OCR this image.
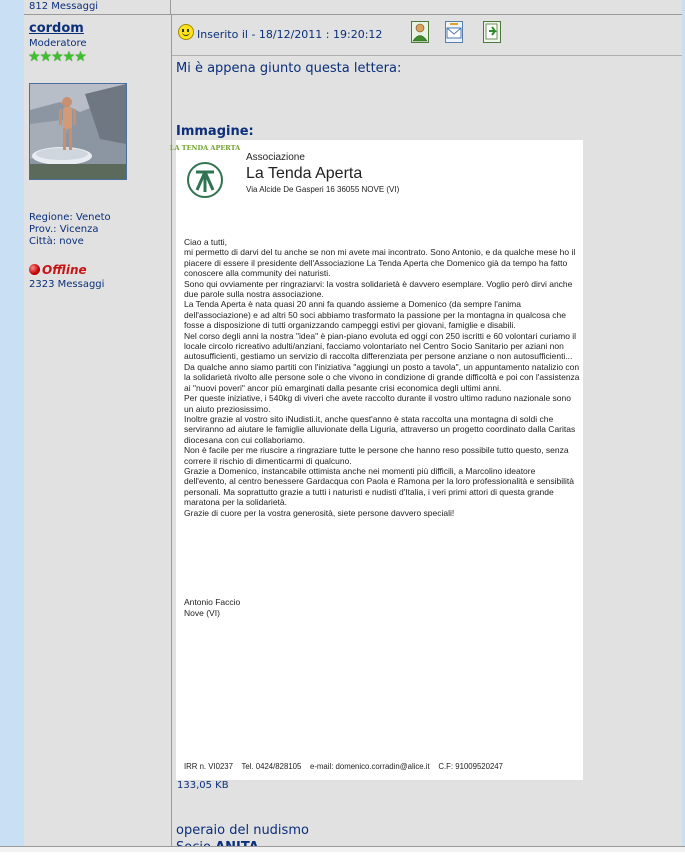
812 Messaggi
cordom
Moderatore
★★★★★
Regione: Veneto
Prov.: Vicenza
Città: nove
Offline
2323 Messaggi
Inserito il - 18/12/2011 : 19:20:12
Mi è appena giunto questa lettera:
Immagine:
LA TENDA APERTA
Associazione
La Tenda Aperta
Via Alcide De Gasperi 16 36055 NOVE (VI)
Ciao a tutti,
mi permetto di darvi del tu anche se non mi avete mai incontrato. Sono Antonio, e da qualche mese ho il piacere di essere il presidente dell'Associazione La Tenda Aperta che Domenico già da tempo ha fatto conoscere alla community dei naturisti.
Sono qui ovviamente per ringraziarvi: la vostra solidarietà è davvero esemplare. Voglio però dirvi anche due parole sulla nostra associazione.
La Tenda Aperta è nata quasi 20 anni fa quando assieme a Domenico (da sempre l'anima dell'associazione) e ad altri 50 soci abbiamo trasformato la passione per la montagna in qualcosa che fosse a disposizione di tutti organizzando campeggi estivi per giovani, famiglie e disabili.
Nel corso degli anni la nostra "idea" è pian-piano evoluta ed oggi con 250 iscritti e 60 volontari curiamo il locale circolo ricreativo adulti/anziani, facciamo volontariato nel Centro Socio Sanitario per aziani non autosufficienti, gestiamo un servizio di raccolta differenziata per persone anziane o non autosufficienti... Da qualche anno siamo partiti con l'iniziativa "aggiungi un posto a tavola", un appuntamento natalizio con la solidarietà rivolto alle persone sole o che vivono in condizione di grande difficoltà e poi con l'assistenza ai "nuovi poveri" ancor più emarginati dalla pesante crisi economica degli ultimi anni.
Per queste iniziative, i 540kg di viveri che avete raccolto durante il vostro ultimo raduno nazionale sono un aiuto preziosissimo.
Inoltre grazie al vostro sito iNudisti.it, anche quest'anno è stata raccolta una montagna di soldi che serviranno ad aiutare le famiglie alluvionate della Liguria, attraverso un progetto coordinato dalla Caritas diocesana con cui collaboriamo.
Non è facile per me riuscire a ringraziare tutte le persone che hanno reso possibile tutto questo, senza correre il rischio di dimenticarmi di qualcuno.
Grazie a Domenico, instancabile ottimista anche nei momenti più difficili, a Marcolino ideatore dell'evento, al centro benessere Gardacqua con Paola e Ramona per la loro professionalità e sensibilità personali. Ma soprattutto grazie a tutti i naturisti e nudisti d'Italia, i veri primi attori di questa grande maratona per la solidarietà.
Grazie di cuore per la vostra generosità, siete persone davvero speciali!
Antonio Faccio
Nove (VI)
IRR n. VI0237    Tel. 0424/828105    e-mail: domenico.corradin@alice.it    C.F: 91009520247
133,05 KB
operaio del nudismo
